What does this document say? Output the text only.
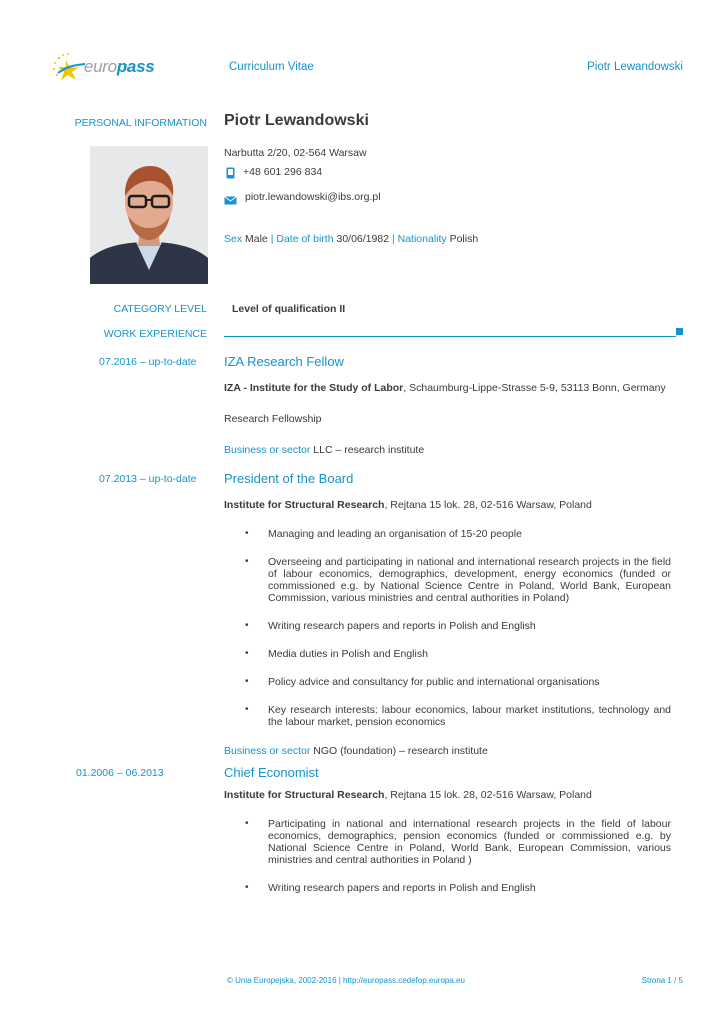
europass	Curriculum Vitae	Piotr Lewandowski
PERSONAL INFORMATION Piotr Lewandowski
Narbutta 2/20, 02-564 Warsaw
+48 601 296 834
piotr.lewandowski@ibs.org.pl
Sex Male | Date of birth 30/06/1982 | Nationality Polish
CATEGORY LEVEL Level of qualification II
WORK EXPERIENCE
07.2016 – up-to-date IZA Research Fellow
IZA - Institute for the Study of Labor, Schaumburg-Lippe-Strasse 5-9, 53113 Bonn, Germany
Research Fellowship
Business or sector LLC – research institute
07.2013 – up-to-date President of the Board
Institute for Structural Research, Rejtana 15 lok. 28, 02-516 Warsaw, Poland
• Managing and leading an organisation of 15-20 people
• Overseeing and participating in national and international research projects in the field of labour economics, demographics, development, energy economics (funded or commissioned e.g. by National Science Centre in Poland, World Bank, European Commission, various ministries and central authorities in Poland)
• Writing research papers and reports in Polish and English
• Media duties in Polish and English
• Policy advice and consultancy for public and international organisations
• Key research interests: labour economics, labour market institutions, technology and the labour market, pension economics
Business or sector NGO (foundation) – research institute
01.2006 – 06.2013	Chief Economist
Institute for Structural Research, Rejtana 15 lok. 28, 02-516 Warsaw, Poland
• Participating in national and international research projects in the field of labour economics, demographics, pension economics (funded or commissioned e.g. by National Science Centre in Poland, World Bank, European Commission, various ministries and central authorities in Poland )
• Writing research papers and reports in Polish and English
© Unia Europejska, 2002-2016 | http://europass.cedefop.europa.eu	Strona 1 / 5
